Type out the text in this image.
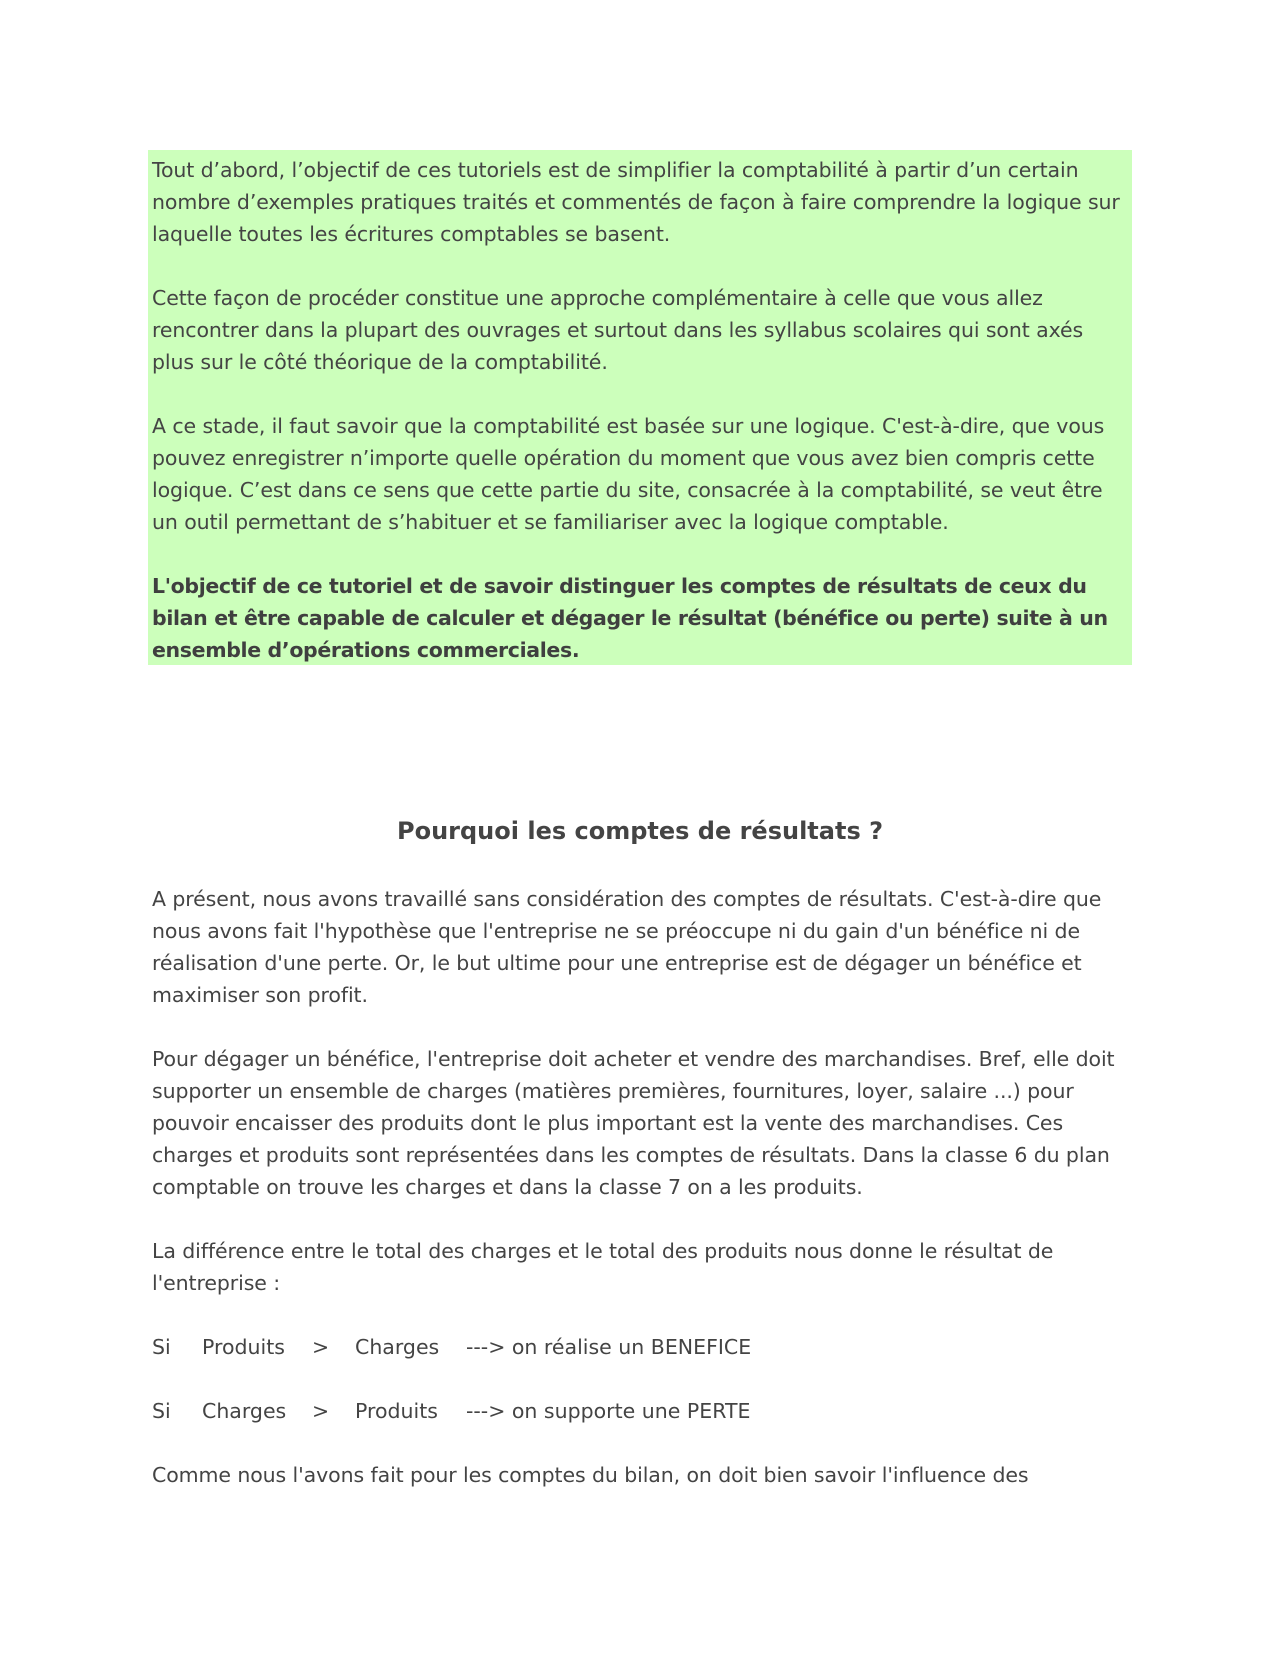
Tout d’abord, l’objectif de ces tutoriels est de simplifier la comptabilité à partir d’un certain nombre d’exemples pratiques traités et commentés de façon à faire comprendre la logique sur laquelle toutes les écritures comptables se basent.

Cette façon de procéder constitue une approche complémentaire à celle que vous allez rencontrer dans la plupart des ouvrages et surtout dans les syllabus scolaires qui sont axés plus sur le côté théorique de la comptabilité.

A ce stade, il faut savoir que la comptabilité est basée sur une logique. C'est-à-dire, que vous pouvez enregistrer n’importe quelle opération du moment que vous avez bien compris cette logique. C’est dans ce sens que cette partie du site, consacrée à la comptabilité, se veut être un outil permettant de s’habituer et se familiariser avec la logique comptable.

L'objectif de ce tutoriel et de savoir distinguer les comptes de résultats de ceux du bilan et être capable de calculer et dégager le résultat (bénéfice ou perte) suite à un ensemble d’opérations commerciales.

Pourquoi les comptes de résultats ?

A présent, nous avons travaillé sans considération des comptes de résultats. C'est-à-dire que nous avons fait l'hypothèse que l'entreprise ne se préoccupe ni du gain d'un bénéfice ni de réalisation d'une perte. Or, le but ultime pour une entreprise est de dégager un bénéfice et maximiser son profit.

Pour dégager un bénéfice, l'entreprise doit acheter et vendre des marchandises. Bref, elle doit supporter un ensemble de charges (matières premières, fournitures, loyer, salaire ...) pour pouvoir encaisser des produits dont le plus important est la vente des marchandises. Ces charges et produits sont représentées dans les comptes de résultats. Dans la classe 6 du plan comptable on trouve les charges et dans la classe 7 on a les produits.

La différence entre le total des charges et le total des produits nous donne le résultat de l'entreprise :

Si	Produits	>	Charges	---> on réalise un BENEFICE
Si	Charges	>	Produits	---> on supporte une PERTE

Comme nous l'avons fait pour les comptes du bilan, on doit bien savoir l'influence des
